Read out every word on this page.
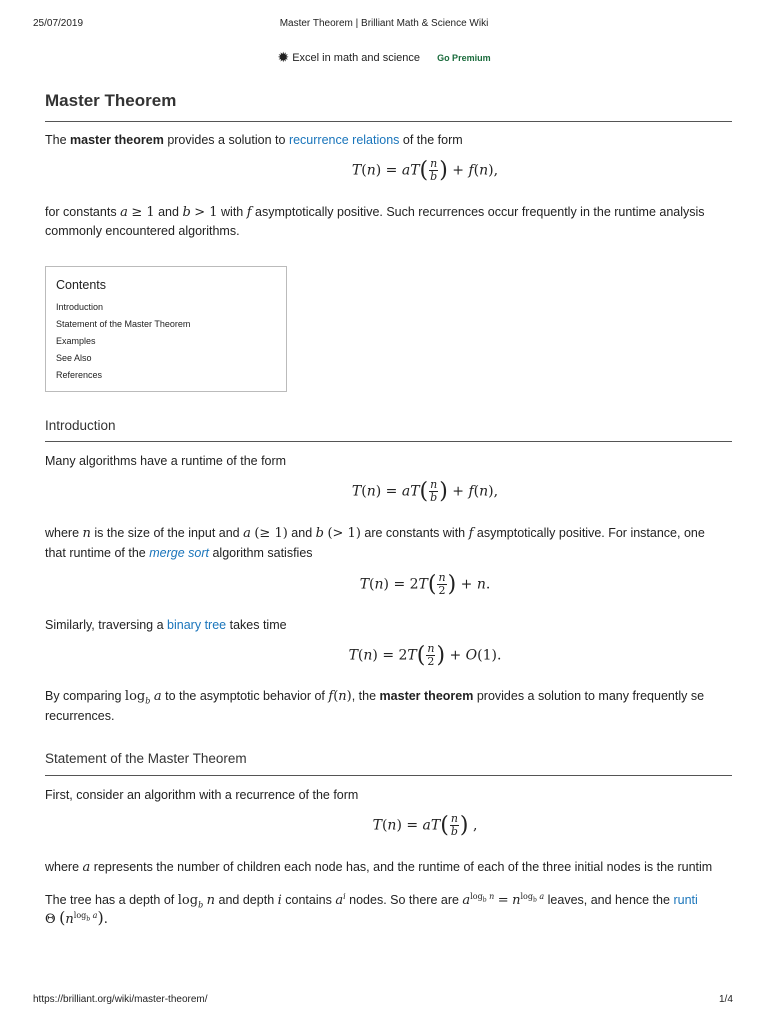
25/07/2019	Master Theorem | Brilliant Math & Science Wiki
✹ Excel in math and science Go Premium
Master Theorem
The master theorem provides a solution to recurrence relations of the form
$T(n) = aT( \frac{n}{b}$ ) + f(n),
for constants a ≥ 1 and b > 1 with f asymptotically positive. Such recurrences occur frequently in the runtime analysis
commonly encountered algorithms.
Contents
Introduction
Statement of the Master Theorem
Examples
See Also
References
Introduction
Many algorithms have a runtime of the form
$T(n) = aT( \frac{n}{b}$ ) + f(n),
where n is the size of the input and a (≥ 1) and b (> 1) are constants with f asymptotically positive. For instance, one
that runtime of the merge sort algorithm satisfies
$T(n) = 2T( \frac{n}{2}$ ) + n.
Similarly, traversing a binary tree takes time
$T(n) = 2T( \frac{n}{2}$ ) + O(1).
By comparing $\log_b a$ to the asymptotic behavior of f(n), the master theorem provides a solution to many frequently se
recurrences.
Statement of the Master Theorem
First, consider an algorithm with a recurrence of the form
$T(n) = aT( \frac{n}{b}$ ) ,
where a represents the number of children each node has, and the runtime of each of the three initial nodes is the runtim
The tree has a depth of $\log_b n$ and depth i contains $a^i$ nodes. So there are $a^{log_b n} = n^{log_b a}$ leaves, and hence the runti
Θ $(n^{log_b a})$.
https://brilliant.org/wiki/master-theorem/	1/4
